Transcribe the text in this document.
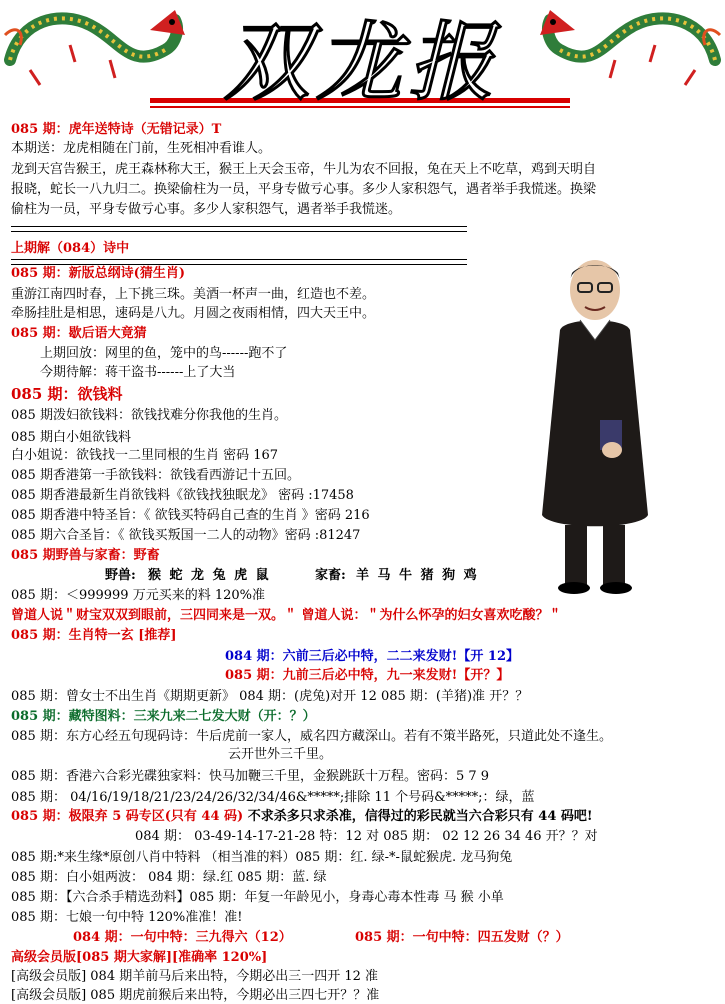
双龙报
085 期：虎年送特诗（无错记录）T
本期送：龙虎相随在门前，生死相冲看谁人。
龙到天宫告猴王，虎王森林称大王，猴王上天会玉帝，牛儿为农不回报，兔在天上不吃草，鸡到天明自
报晓，蛇长一八九归二。换梁偷柱为一员，平身专做亏心事。多少人家积怨气，遇者举手我慌迷。换梁
偷柱为一员，平身专做亏心事。多少人家积怨气，遇者举手我慌迷。
上期解（084）诗中
085 期：新版总纲诗(猜生肖)
重游江南四时春，上下挑三珠。美酒一杯声一曲，红造也不差。
牵肠挂肚是相思，速码是八九。月圆之夜雨相情，四大天王中。
085 期：歇后语大竟猜
上期回放：网里的鱼，笼中的鸟------跑不了
今期待解：蒋干盗书------上了大当
085 期：欲钱料
085 期泼妇欲钱料：欲钱找难分你我他的生肖。
085 期白小姐欲钱料
白小姐说：欲钱找一二里同根的生肖 密码 167
085 期香港第一手欲钱料：欲钱看西游记十五回。
085 期香港最新生肖欲钱料《欲钱找独眠龙》 密码 :17458
085 期香港中特圣旨：《 欲钱买特码自己查的生肖 》密码 216
085 期六合圣旨：《 欲钱买叛国一二人的动物》密码 :81247
085 期野兽与家畜：野畜
野兽: 猴 蛇 龙 兔 虎 鼠	家畜: 羊 马 牛 猪 狗 鸡
085 期：＜999999 万元买来的料 120%准
曾道人说＂财宝双双到眼前，三四同来是一双。＂ 曾道人说：＂为什么怀孕的妇女喜欢吃酸？＂
085 期：生肖特一玄 [推荐]
084 期：六前三后必中特，二二来发财!【开 12】
085 期：九前三后必中特，九一来发财!【开？】
085 期：曾女士不出生肖《期期更新》 084 期：(虎兔)对开 12 085 期：(羊猪)准 开？？
085 期：藏特图料：三来九来二七发大财（开：？）
085 期：东方心经五句现码诗：牛后虎前一家人，威名四方藏深山。若有不策半路死，只道此处不逢生。
云开世外三千里。
085 期：香港六合彩光碟独家料：快马加鞭三千里，金猴跳跃十万程。密码：5 7 9
085 期： 04/16/19/18/21/23/24/26/32/34/46&*****;排除 11 个号码&*****;：绿，蓝
085 期：极限弃 5 码专区(只有 44 码) 不求杀多只求杀准，信得过的彩民就当六合彩只有 44 码吧!
084 期： 03-49-14-17-21-28 特：12 对 085 期： 02 12 26 34 46 开？？对
085 期:*来生缘*原创八肖中特料 （相当准的料）085 期：红. 绿-*-鼠蛇猴虎. 龙马狗兔
085 期：白小姐两波： 084 期：绿.红 085 期：蓝. 绿
085 期：【六合杀手精选劲料】085 期：年复一年龄见小，身毒心毒本性毒 马 猴 小单
085 期：七娘一句中特 120%准准！准!
084 期：一句中特：三九得六（12）	085 期：一句中特：四五发财（？）
高级会员版[085 期大家解][准确率 120%]
[高级会员版] 084 期羊前马后来出特，今期必出三一四开 12 准
[高级会员版] 085 期虎前猴后来出特，今期必出三四七开？？准
